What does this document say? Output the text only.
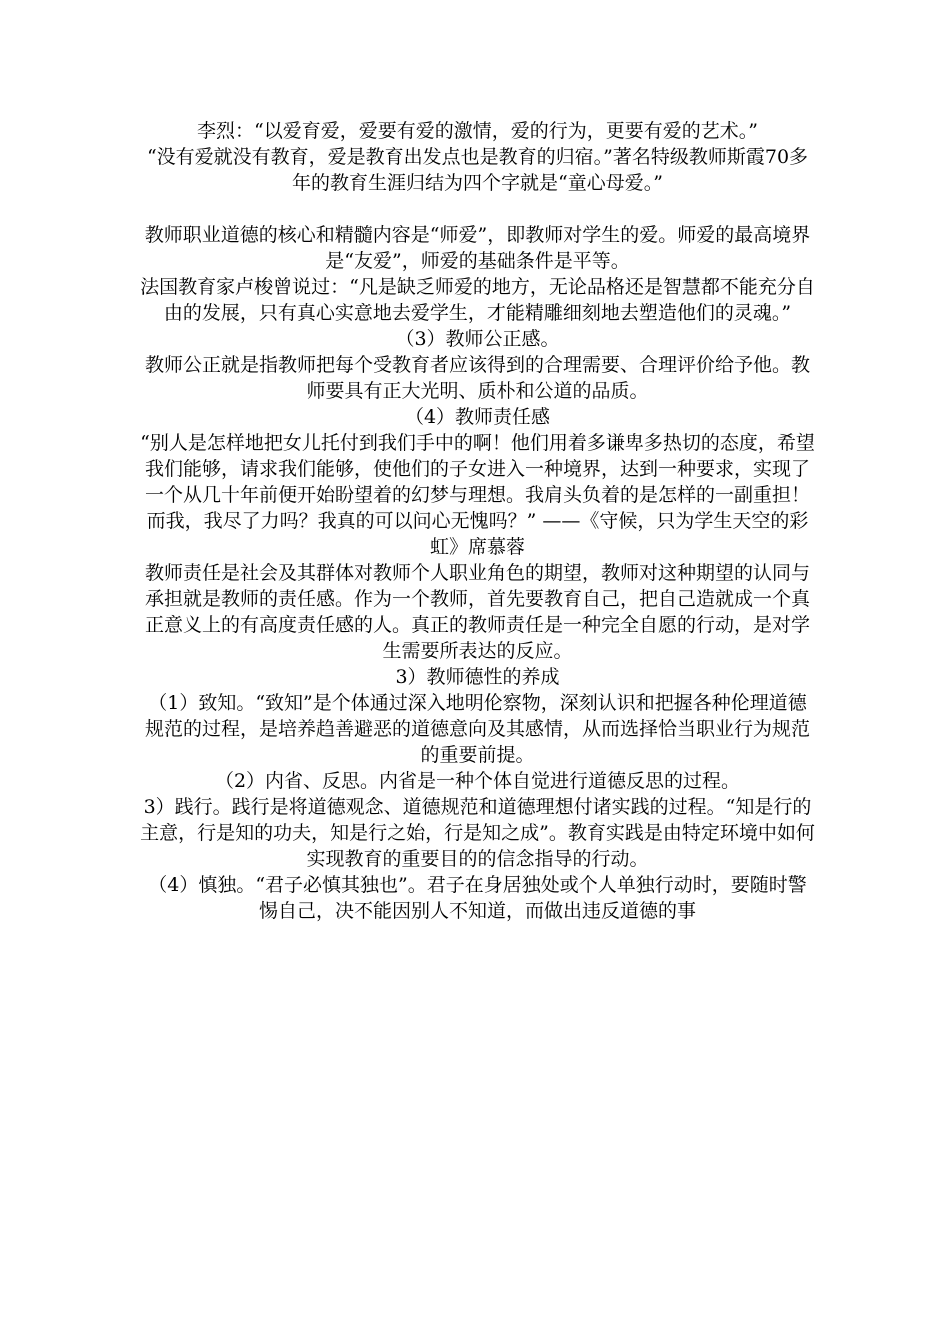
李烈：“以爱育爱，爱要有爱的激情，爱的行为，更要有爱的艺术。”

“没有爱就没有教育，爱是教育出发点也是教育的归宿。”著名特级教师斯霞70多年的教育生涯归结为四个字就是“童心母爱。”

教师职业道德的核心和精髓内容是“师爱”，即教师对学生的爱。师爱的最高境界是“友爱”，师爱的基础条件是平等。

法国教育家卢梭曾说过：“凡是缺乏师爱的地方，无论品格还是智慧都不能充分自由的发展，只有真心实意地去爱学生，才能精雕细刻地去塑造他们的灵魂。”

（3）教师公正感。

教师公正就是指教师把每个受教育者应该得到的合理需要、合理评价给予他。教师要具有正大光明、质朴和公道的品质。

（4）教师责任感

“别人是怎样地把女儿托付到我们手中的啊！他们用着多谦卑多热切的态度，希望我们能够，请求我们能够，使他们的子女进入一种境界，达到一种要求，实现了一个从几十年前便开始盼望着的幻梦与理想。我肩头负着的是怎样的一副重担！而我，我尽了力吗？我真的可以问心无愧吗？” ——《守候，只为学生天空的彩虹》席慕蓉

教师责任是社会及其群体对教师个人职业角色的期望，教师对这种期望的认同与承担就是教师的责任感。作为一个教师，首先要教育自己，把自己造就成一个真正意义上的有高度责任感的人。真正的教师责任是一种完全自愿的行动，是对学生需要所表达的反应。

3）教师德性的养成

（1）致知。“致知”是个体通过深入地明伦察物，深刻认识和把握各种伦理道德规范的过程，是培养趋善避恶的道德意向及其感情，从而选择恰当职业行为规范的重要前提。

（2）内省、反思。内省是一种个体自觉进行道德反思的过程。

3）践行。践行是将道德观念、道德规范和道德理想付诸实践的过程。“知是行的主意，行是知的功夫，知是行之始，行是知之成”。教育实践是由特定环境中如何实现教育的重要目的的信念指导的行动。

（4）慎独。“君子必慎其独也”。君子在身居独处或个人单独行动时，要随时警惕自己，决不能因别人不知道，而做出违反道德的事
